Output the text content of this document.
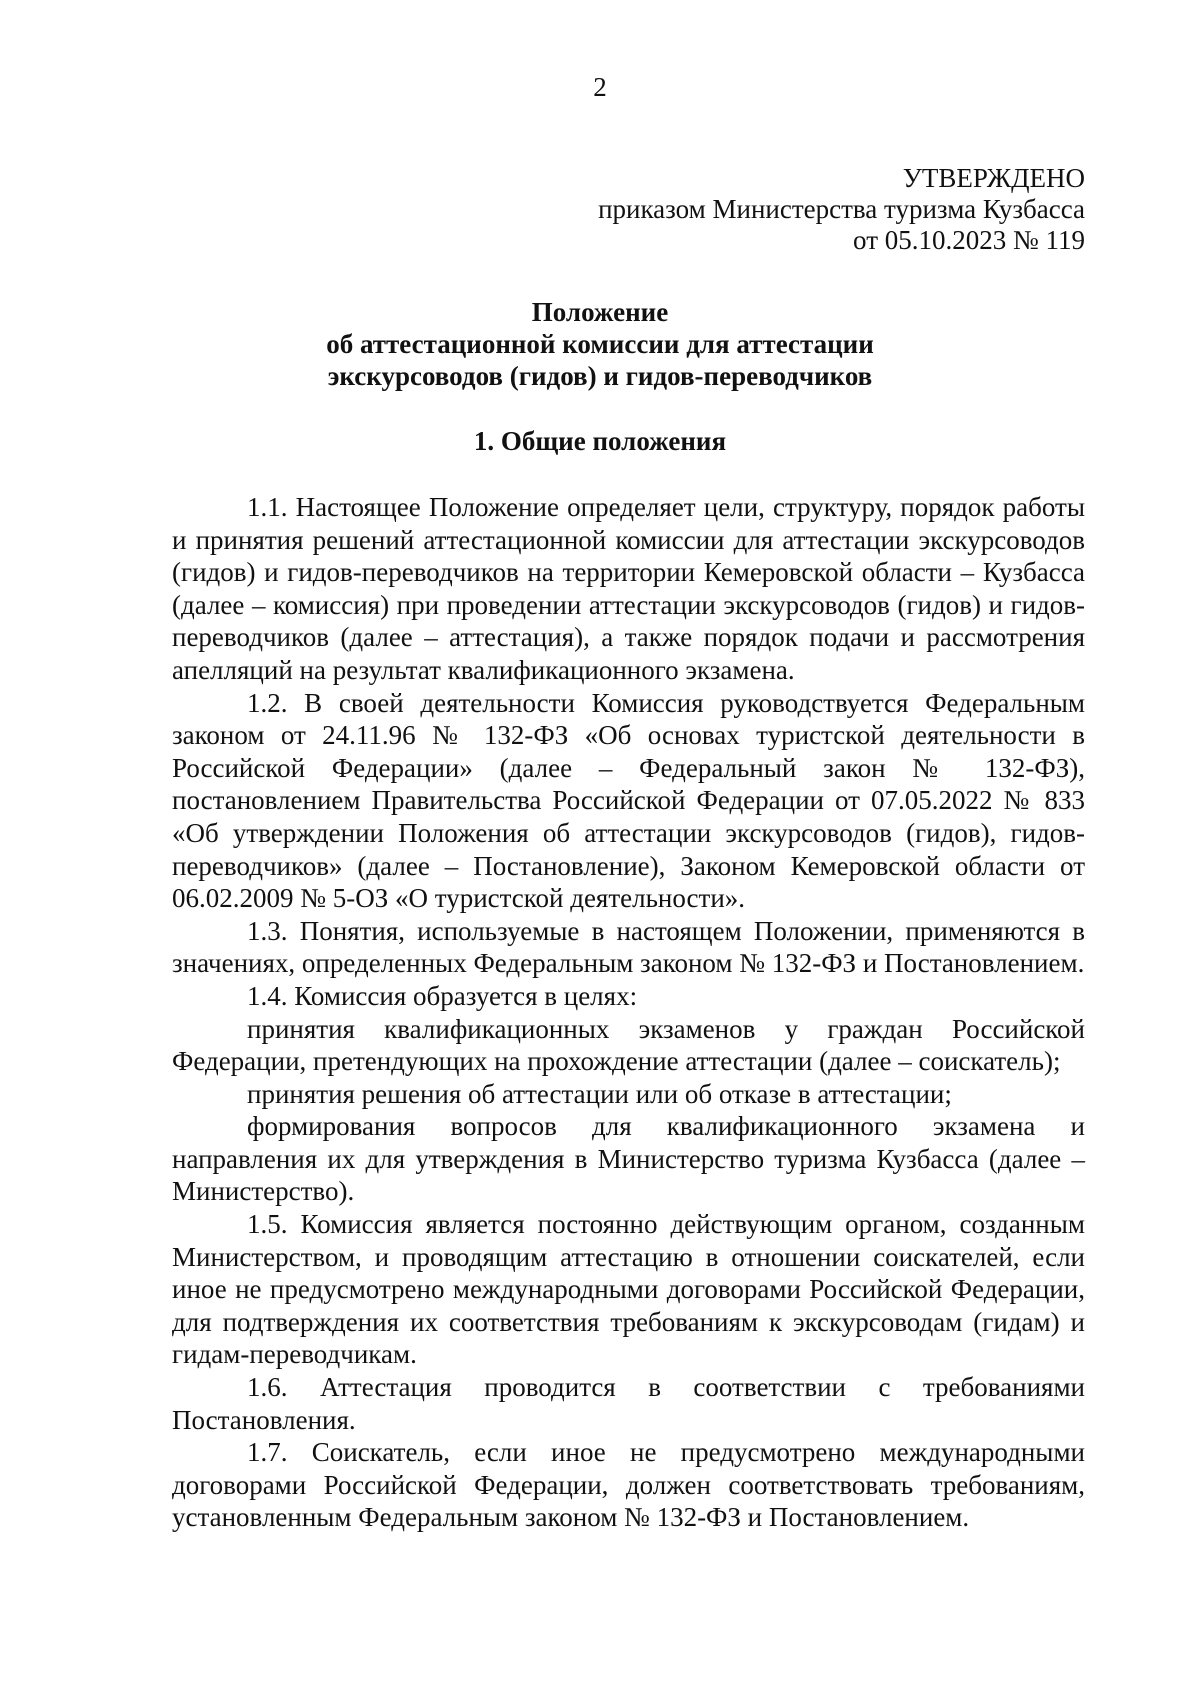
2
УТВЕРЖДЕНО
приказом Министерства туризма Кузбасса
от 05.10.2023 № 119
Положение
об аттестационной комиссии для аттестации
экскурсоводов (гидов) и гидов-переводчиков
1. Общие положения

1.1. Настоящее Положение определяет цели, структуру, порядок работы и принятия решений аттестационной комиссии для аттестации экскурсоводов (гидов) и гидов-переводчиков на территории Кемеровской области – Кузбасса (далее – комиссия) при проведении аттестации экскурсоводов (гидов) и гидов-переводчиков (далее – аттестация), а также порядок подачи и рассмотрения апелляций на результат квалификационного экзамена.

1.2. В своей деятельности Комиссия руководствуется Федеральным законом от 24.11.96 № 132-ФЗ «Об основах туристской деятельности в Российской Федерации» (далее – Федеральный закон № 132-ФЗ), постановлением Правительства Российской Федерации от 07.05.2022 № 833 «Об утверждении Положения об аттестации экскурсоводов (гидов), гидов-переводчиков» (далее – Постановление), Законом Кемеровской области от 06.02.2009 № 5-ОЗ «О туристской деятельности».

1.3. Понятия, используемые в настоящем Положении, применяются в значениях, определенных Федеральным законом № 132-ФЗ и Постановлением.

1.4. Комиссия образуется в целях:

принятия квалификационных экзаменов у граждан Российской Федерации, претендующих на прохождение аттестации (далее – соискатель);

принятия решения об аттестации или об отказе в аттестации;

формирования вопросов для квалификационного экзамена и направления их для утверждения в Министерство туризма Кузбасса (далее – Министерство).

1.5. Комиссия является постоянно действующим органом, созданным Министерством, и проводящим аттестацию в отношении соискателей, если иное не предусмотрено международными договорами Российской Федерации, для подтверждения их соответствия требованиям к экскурсоводам (гидам) и гидам-переводчикам.

1.6. Аттестация проводится в соответствии с требованиями Постановления.

1.7. Соискатель, если иное не предусмотрено международными договорами Российской Федерации, должен соответствовать требованиям, установленным Федеральным законом № 132-ФЗ и Постановлением.
